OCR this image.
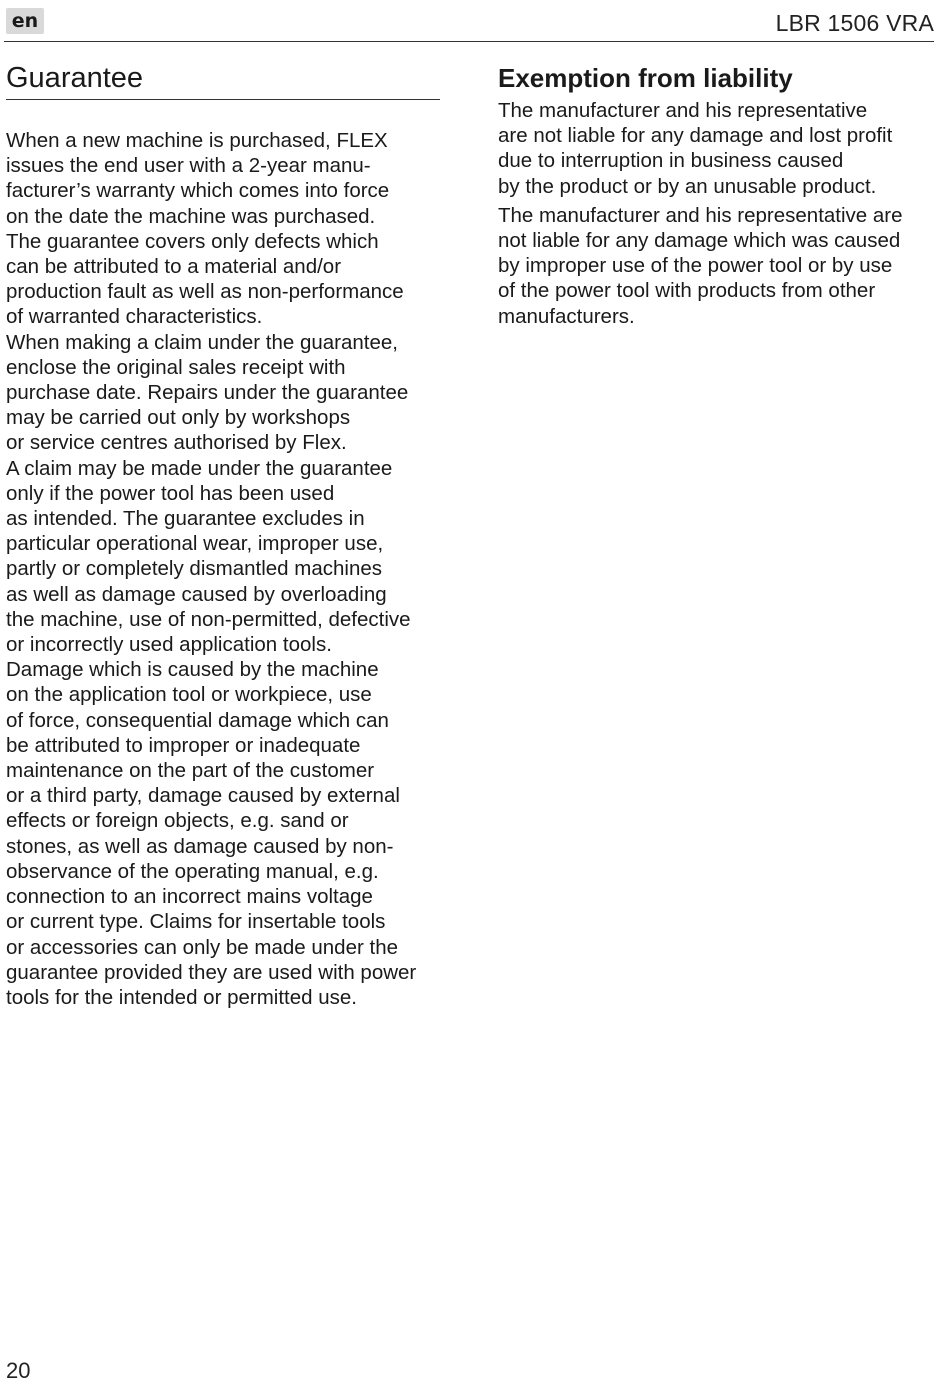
en	LBR 1506 VRA
Guarantee
When a new machine is purchased, FLEX
issues the end user with a 2-year manu-
facturer’s warranty which comes into force
on the date the machine was purchased.
The guarantee covers only defects which
can be attributed to a material and/or
production fault as well as non-performance
of warranted characteristics.
When making a claim under the guarantee,
enclose the original sales receipt with
purchase date. Repairs under the guarantee
may be carried out only by workshops
or service centres authorised by Flex.
A claim may be made under the guarantee
only if the power tool has been used
as intended. The guarantee excludes in
particular operational wear, improper use,
partly or completely dismantled machines
as well as damage caused by overloading
the machine, use of non-permitted, defective
or incorrectly used application tools.
Damage which is caused by the machine
on the application tool or workpiece, use
of force, consequential damage which can
be attributed to improper or inadequate
maintenance on the part of the customer
or a third party, damage caused by external
effects or foreign objects, e.g. sand or
stones, as well as damage caused by non-
observance of the operating manual, e.g.
connection to an incorrect mains voltage
or current type. Claims for insertable tools
or accessories can only be made under the
guarantee provided they are used with power
tools for the intended or permitted use.
Exemption from liability

The manufacturer and his representative
are not liable for any damage and lost profit
due to interruption in business caused
by the product or by an unusable product.

The manufacturer and his representative are
not liable for any damage which was caused
by improper use of the power tool or by use
of the power tool with products from other
manufacturers.

20
